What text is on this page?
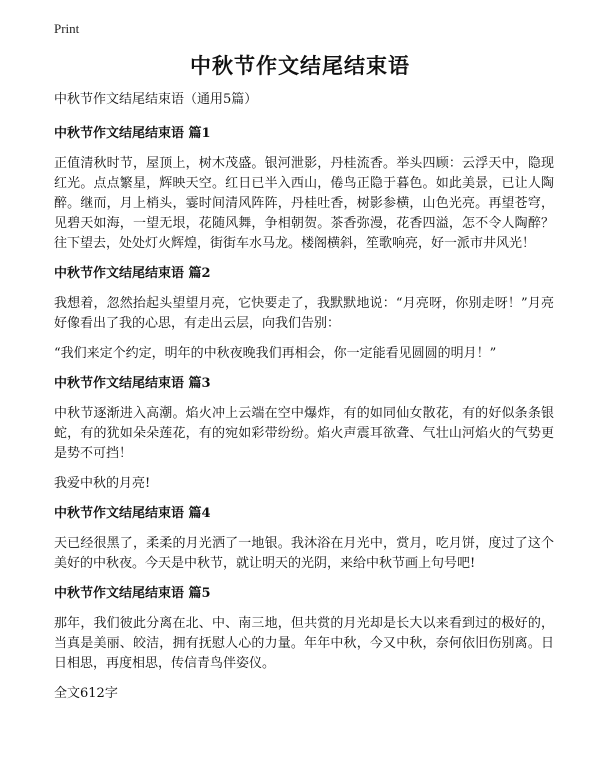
Print
中秋节作文结尾结束语
中秋节作文结尾结束语（通用5篇）
中秋节作文结尾结束语 篇1
正值清秋时节，屋顶上，树木茂盛。银河泄影，丹桂流香。举头四顾：云浮天中，隐现红光。点点繁星，辉映天空。红日已半入西山，倦鸟正隐于暮色。如此美景，已让人陶醉。继而，月上梢头，霎时间清风阵阵，丹桂吐香，树影参横，山色光亮。再望苍穹，见碧天如海，一望无垠，花随风舞，争相朝贺。茶香弥漫，花香四溢，怎不令人陶醉？往下望去，处处灯火辉煌，街街车水马龙。楼阁横斜，笙歌响亮，好一派市井风光！
中秋节作文结尾结束语 篇2
我想着，忽然抬起头望望月亮，它快要走了，我默默地说：“月亮呀，你别走呀！”月亮好像看出了我的心思，有走出云层，向我们告别：
“我们来定个约定，明年的中秋夜晚我们再相会，你一定能看见圆圆的明月！”
中秋节作文结尾结束语 篇3
中秋节逐渐进入高潮。焰火冲上云端在空中爆炸，有的如同仙女散花，有的好似条条银蛇，有的犹如朵朵莲花，有的宛如彩带纷纷。焰火声震耳欲聋、气壮山河焰火的气势更是势不可挡！
我爱中秋的月亮!
中秋节作文结尾结束语 篇4
天已经很黑了，柔柔的月光洒了一地银。我沐浴在月光中，赏月，吃月饼，度过了这个美好的中秋夜。今天是中秋节，就让明天的光阴，来给中秋节画上句号吧!
中秋节作文结尾结束语 篇5
那年，我们彼此分离在北、中、南三地，但共赏的月光却是长大以来看到过的极好的，当真是美丽、皎洁，拥有抚慰人心的力量。年年中秋，今又中秋，奈何依旧伤别离。日日相思，再度相思，传信青鸟伴姿仪。
全文612字
